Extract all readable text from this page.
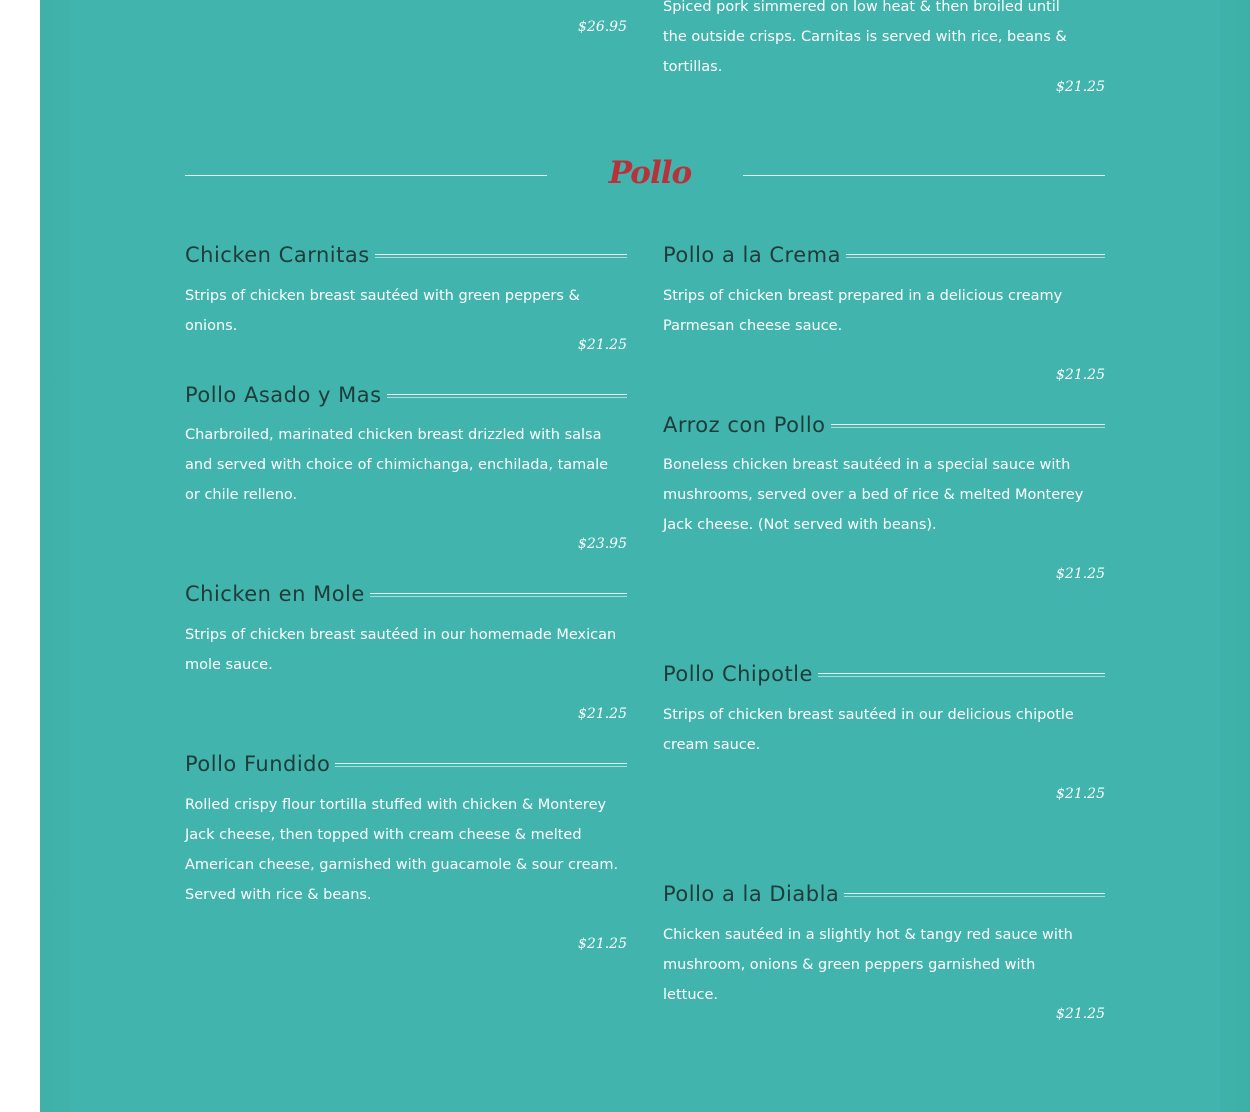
$26.95
Spiced pork simmered on low heat & then broiled until the outside crisps. Carnitas is served with rice, beans & tortillas.
$21.25
Pollo
Chicken Carnitas
Strips of chicken breast sautéed with green peppers & onions.
$21.25
Pollo Asado y Mas
Charbroiled, marinated chicken breast drizzled with salsa and served with choice of chimichanga, enchilada, tamale or chile relleno.
$23.95
Chicken en Mole
Strips of chicken breast sautéed in our homemade Mexican mole sauce.
$21.25
Pollo Fundido
Rolled crispy flour tortilla stuffed with chicken & Monterey Jack cheese, then topped with cream cheese & melted American cheese, garnished with guacamole & sour cream. Served with rice & beans.
$21.25
Pollo a la Crema
Strips of chicken breast prepared in a delicious creamy Parmesan cheese sauce.
$21.25
Arroz con Pollo
Boneless chicken breast sautéed in a special sauce with mushrooms, served over a bed of rice & melted Monterey Jack cheese. (Not served with beans).
$21.25
Pollo Chipotle
Strips of chicken breast sautéed in our delicious chipotle cream sauce.
$21.25
Pollo a la Diabla
Chicken sautéed in a slightly hot & tangy red sauce with mushroom, onions & green peppers garnished with lettuce.
$21.25
